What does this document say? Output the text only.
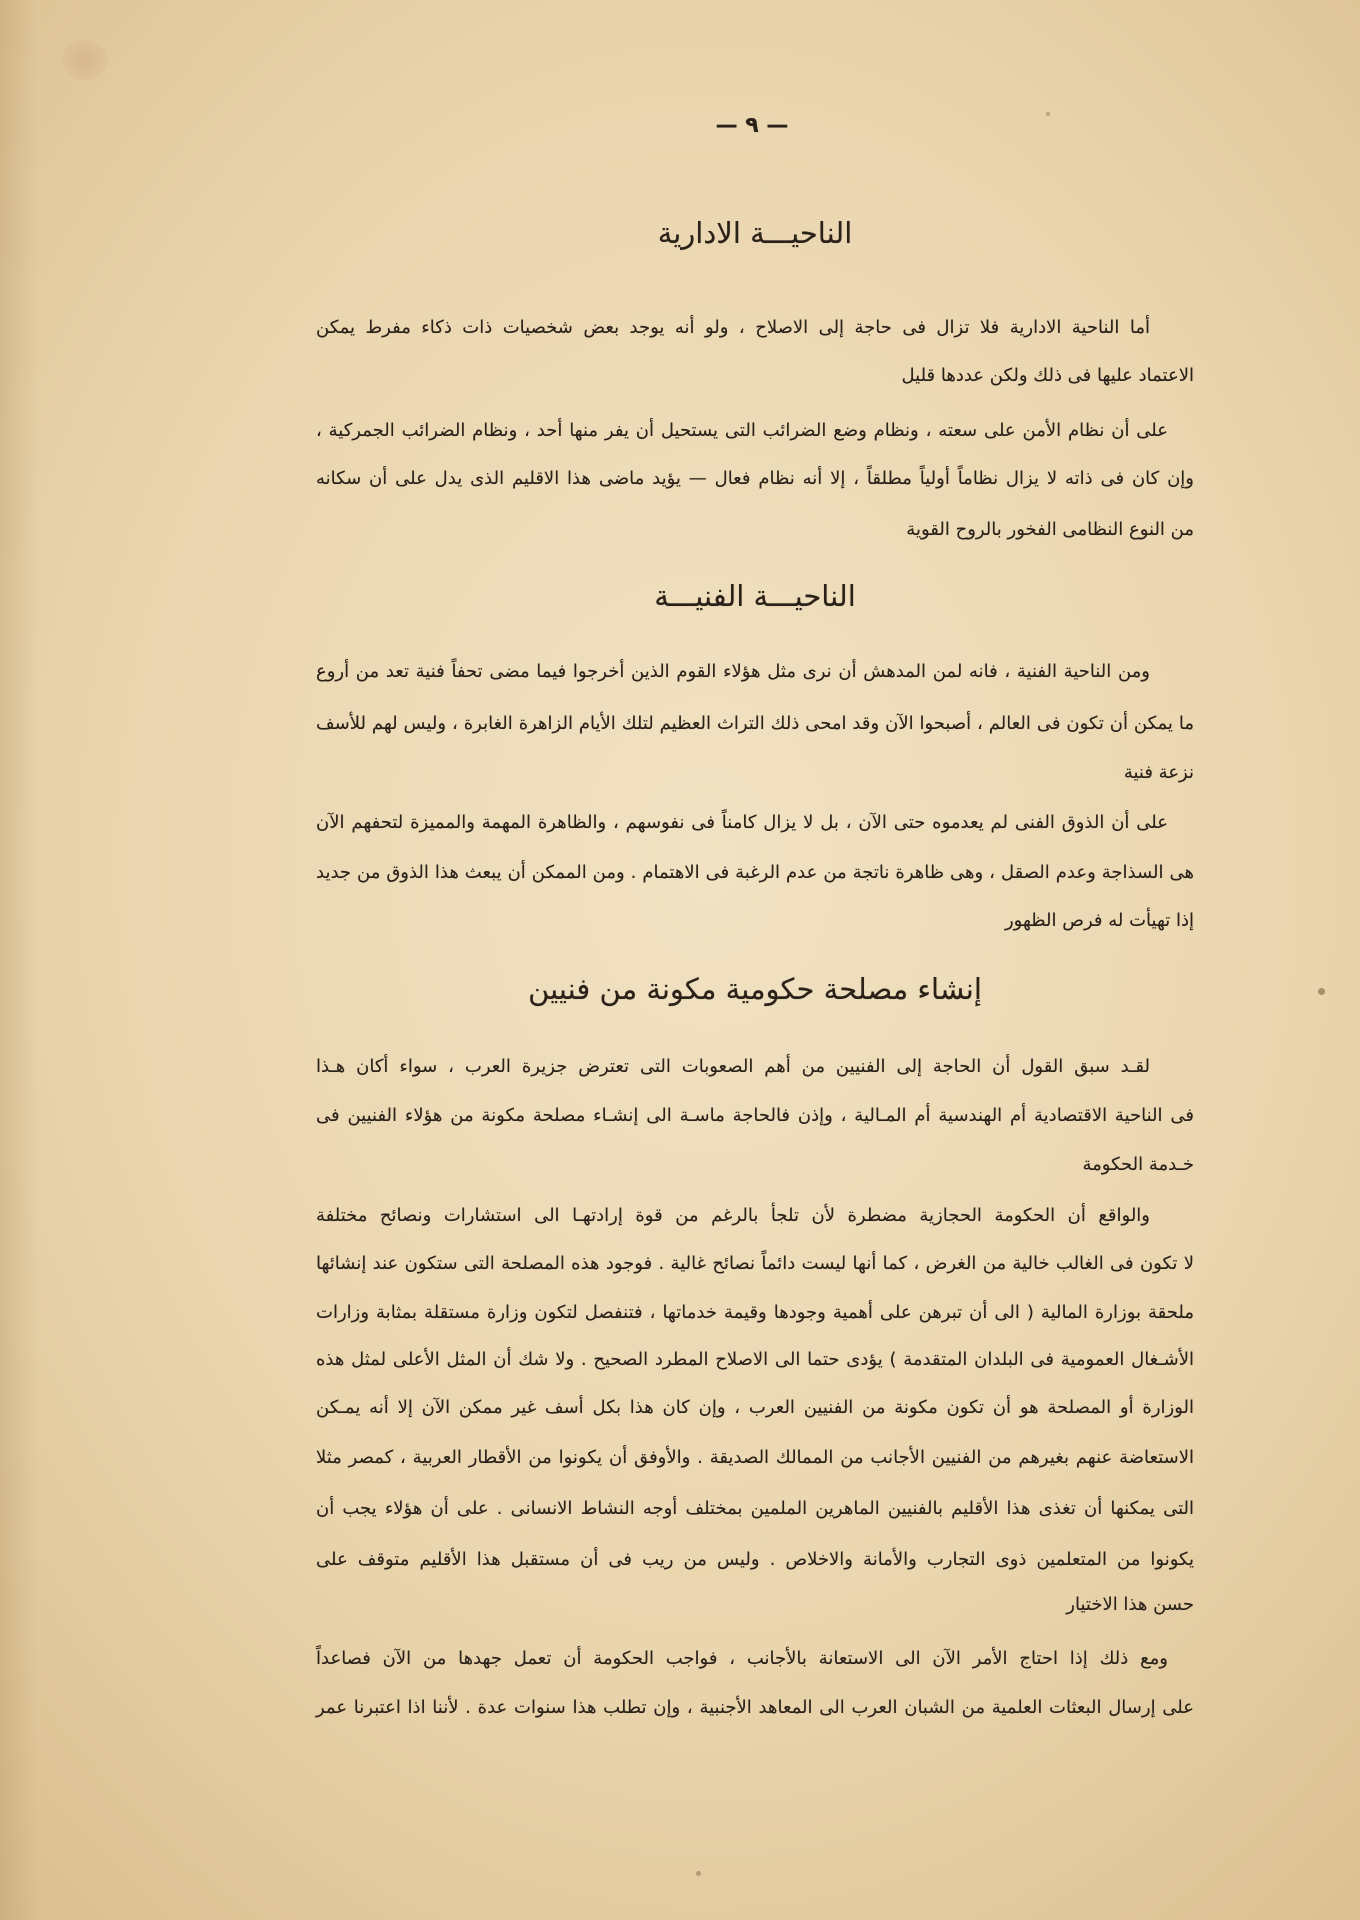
— ٩ —
الناحيـــة الادارية
أما الناحية الادارية فلا تزال فى حاجة إلى الاصلاح ، ولو أنه يوجد بعض شخصيات ذات ذكاء مفرط يمكن
الاعتماد عليها فى ذلك ولكن عددها قليل
على أن نظام الأمن على سعته ، ونظام وضع الضرائب التى يستحيل أن يفر منها أحد ، ونظام الضرائب الجمركية ،
وإن كان فى ذاته لا يزال نظاماً أولياً مطلقاً ، إلا أنه نظام فعال — يؤيد ماضى هذا الاقليم الذى يدل على أن سكانه
من النوع النظامى الفخور بالروح القوية
الناحيـــة الفنيـــة
ومن الناحية الفنية ، فانه لمن المدهش أن نرى مثل هؤلاء القوم الذين أخرجوا فيما مضى تحفاً فنية تعد من أروع
ما يمكن أن تكون فى العالم ، أصبحوا الآن وقد امحى ذلك التراث العظيم لتلك الأيام الزاهرة الغابرة ، وليس لهم للأسف
نزعة فنية
على أن الذوق الفنى لم يعدموه حتى الآن ، بل لا يزال كامناً فى نفوسهم ، والظاهرة المهمة والمميزة لتحفهم الآن
هى السذاجة وعدم الصقل ، وهى ظاهرة ناتجة من عدم الرغبة فى الاهتمام . ومن الممكن أن يبعث هذا الذوق من جديد
إذا تهيأت له فرص الظهور
إنشاء مصلحة حكومية مكونة من فنيين
لقـد سبق القول أن الحاجة إلى الفنيين من أهم الصعوبات التى تعترض جزيرة العرب ، سواء أكان هـذا
فى الناحية الاقتصادية أم الهندسية أم المـالية ، وإذن فالحاجة ماسـة الى إنشـاء مصلحة مكونة من هؤلاء الفنيين فى
خـدمة الحكومة
والواقع أن الحكومة الحجازية مضطرة لأن تلجأ بالرغم من قوة إرادتهـا الى استشارات ونصائح مختلفة
لا تكون فى الغالب خالية من الغرض ، كما أنها ليست دائماً نصائح غالية . فوجود هذه المصلحة التى ستكون عند إنشائها
ملحقة بوزارة المالية ( الى أن تبرهن على أهمية وجودها وقيمة خدماتها ، فتنفصل لتكون وزارة مستقلة بمثابة وزارات
الأشـغال العمومية فى البلدان المتقدمة ) يؤدى حتما الى الاصلاح المطرد الصحيح . ولا شك أن المثل الأعلى لمثل هذه
الوزارة أو المصلحة هو أن تكون مكونة من الفنيين العرب ، وإن كان هذا بكل أسف غير ممكن الآن إلا أنه يمـكن
الاستعاضة عنهم بغيرهم من الفنيين الأجانب من الممالك الصديقة . والأوفق أن يكونوا من الأقطار العربية ، كمصر مثلا
التى يمكنها أن تغذى هذا الأقليم بالفنيين الماهرين الملمين بمختلف أوجه النشاط الانسانى . على أن هؤلاء يجب أن
يكونوا من المتعلمين ذوى التجارب والأمانة والاخلاص . وليس من ريب فى أن مستقبل هذا الأقليم متوقف على
حسن هذا الاختيار
ومع ذلك إذا احتاج الأمر الآن الى الاستعانة بالأجانب ، فواجب الحكومة أن تعمل جهدها من الآن فصاعداً
على إرسال البعثات العلمية من الشبان العرب الى المعاهد الأجنبية ، وإن تطلب هذا سنوات عدة . لأننا اذا اعتبرنا عمر
